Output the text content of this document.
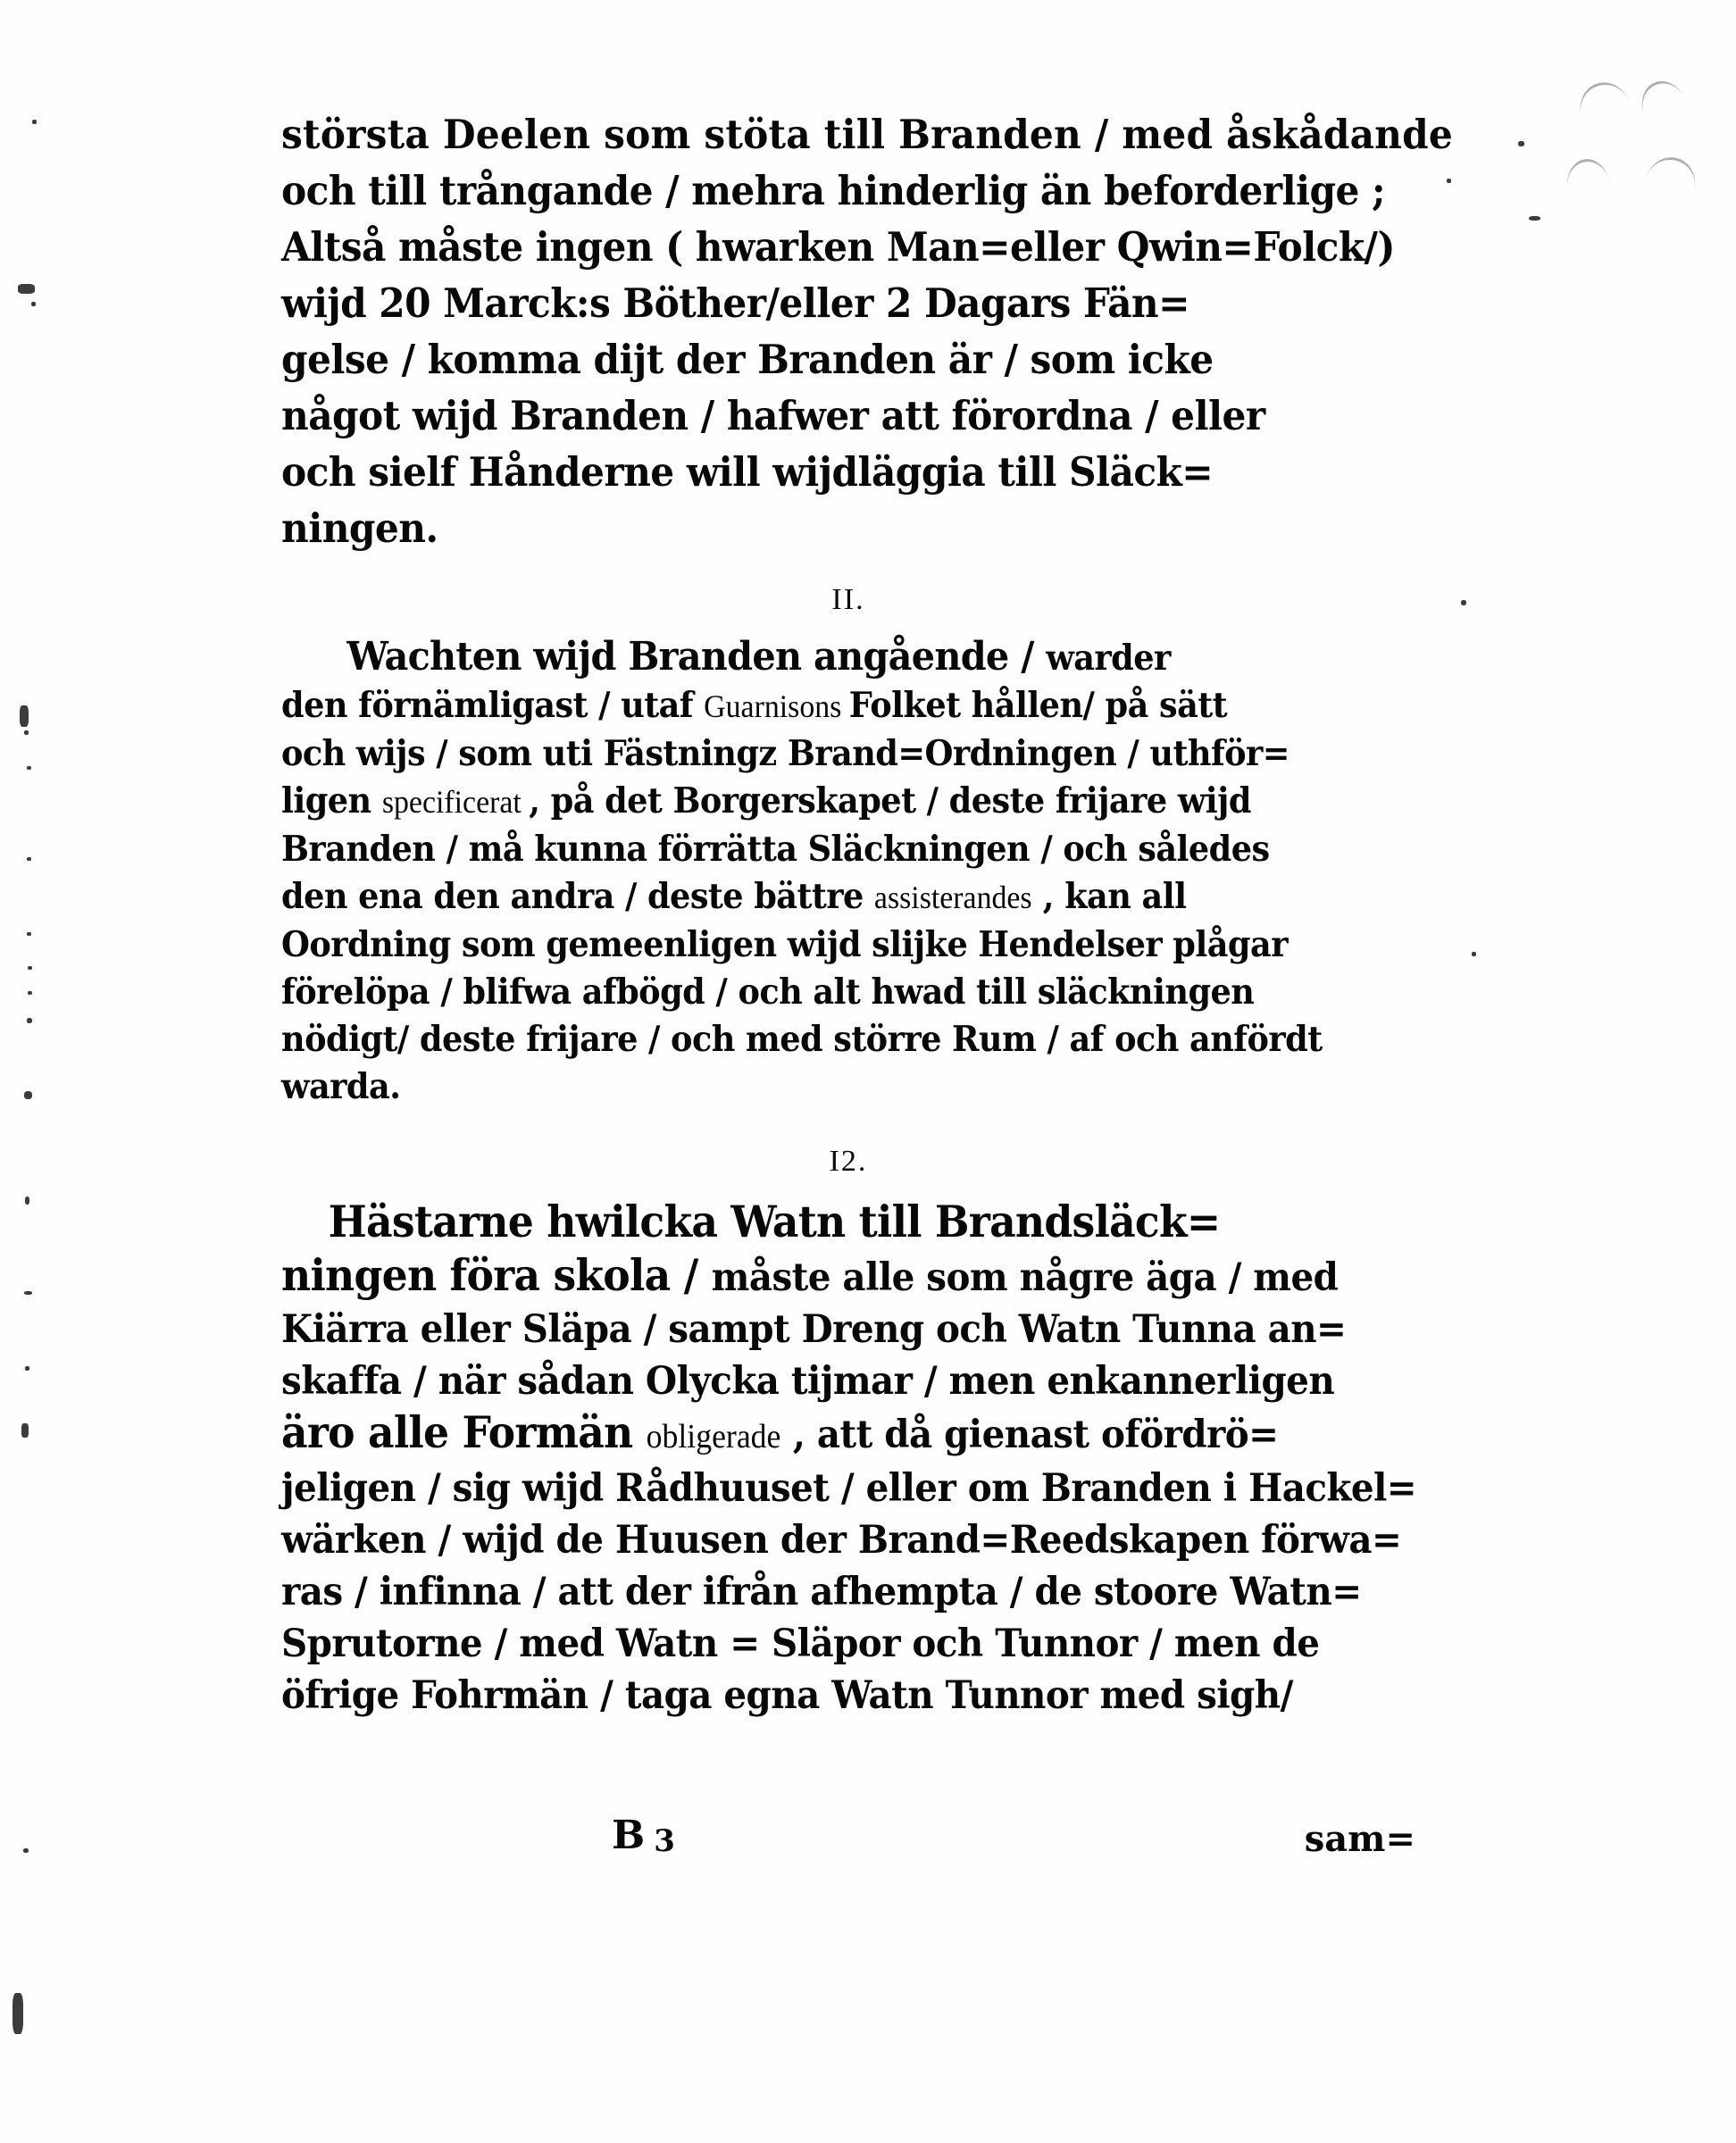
största Deelen som stöta till Branden / med åskådande
och till trångande / mehra hinderlig än beforderlige ;
Altså måste ingen ( hwarken Man=eller Qwin=Folck/)
wijd 20 Marck:s Böther/eller 2 Dagars Fän=
gelse / komma dijt der Branden är / som icke
något wijd Branden / hafwer att förordna / eller
och sielf Hånderne will wijdläggia till Släck=
ningen.
II.
Wachten wijd Branden angående / warder
den förnämligast / utaf Guarnisons Folket hållen/ på sätt
och wijs / som uti Fästningz Brand=Ordningen / uthför=
ligen specificerat , på det Borgerskapet / deste frijare wijd
Branden / må kunna förrätta Släckningen / och således
den ena den andra / deste bättre assisterandes , kan all
Oordning som gemeenligen wijd slijke Hendelser plågar
förelöpa / blifwa afbögd / och alt hwad till släckningen
nödigt/ deste frijare / och med större Rum / af och anfördt
warda.
I2.
Hästarne hwilcka Watn till Brandsläck=
ningen föra skola / måste alle som någre äga / med
Kiärra eller Släpa / sampt Dreng och Watn Tunna an=
skaffa / när sådan Olycka tijmar / men enkannerligen
äro alle Formän obligerade , att då gienast ofördrö=
jeligen / sig wijd Rådhuuset / eller om Branden i Hackel=
wärken / wijd de Huusen der Brand=Reedskapen förwa=
ras / infinna / att der ifrån afhempta / de stoore Watn=
Sprutorne / med Watn = Släpor och Tunnor / men de
öfrige Fohrmän / taga egna Watn Tunnor med sigh/
B 3	sam=
